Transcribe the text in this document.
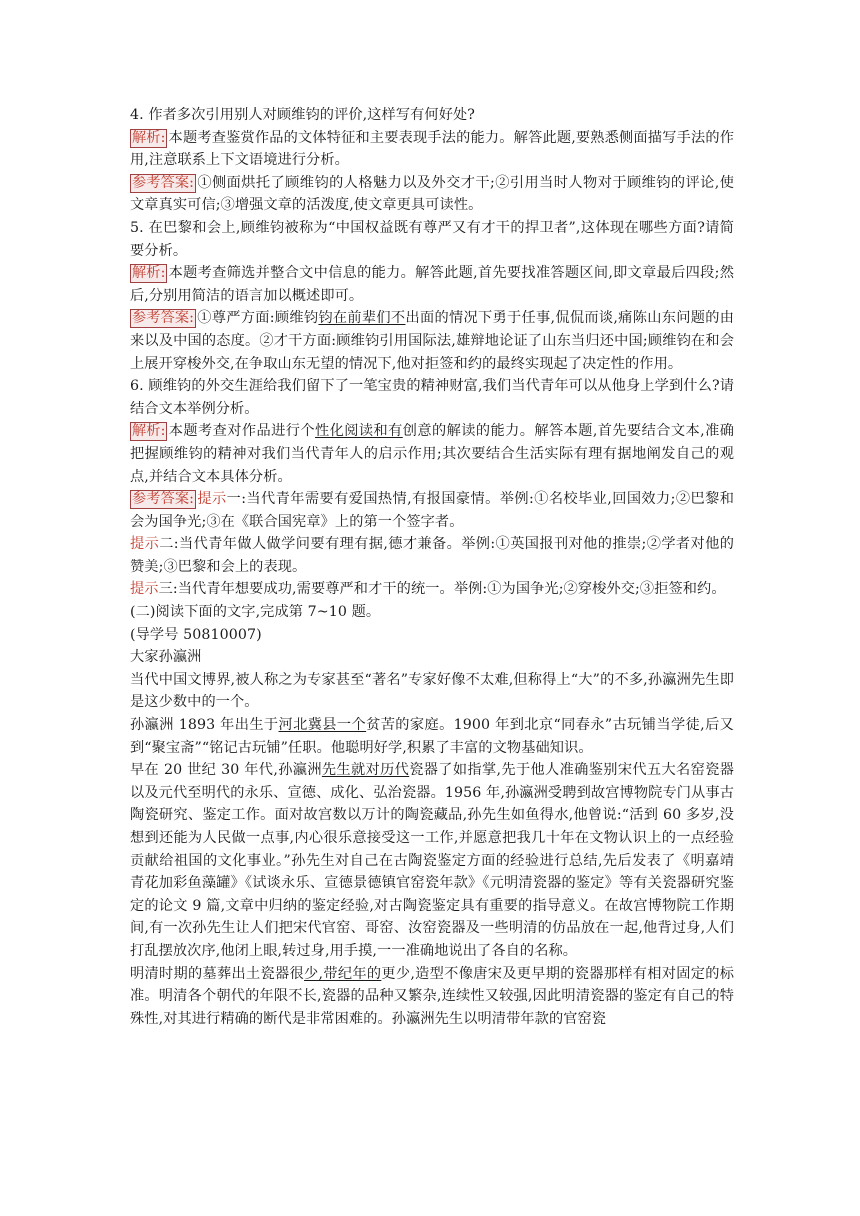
4. 作者多次引用别人对顾维钧的评价,这样写有何好处?

解析: 本题考查鉴赏作品的文体特征和主要表现手法的能力。解答此题,要熟悉侧面描写手法的作用,注意联系上下文语境进行分析。

参考答案: ①侧面烘托了顾维钧的人格魅力以及外交才干;②引用当时人物对于顾维钧的评论,使文章真实可信;③增强文章的活泼度,使文章更具可读性。

5. 在巴黎和会上,顾维钧被称为“中国权益既有尊严又有才干的捍卫者”,这体现在哪些方面?请简要分析。

解析: 本题考查筛选并整合文中信息的能力。解答此题,首先要找准答题区间,即文章最后四段;然后,分别用简洁的语言加以概述即可。

参考答案: ①尊严方面:顾维钧钧在前辈们不出面的情况下勇于任事,侃侃而谈,痛陈山东问题的由来以及中国的态度。②才干方面:顾维钧引用国际法,雄辩地论证了山东当归还中国;顾维钧在和会上展开穿梭外交,在争取山东无望的情况下,他对拒签和约的最终实现起了决定性的作用。

6. 顾维钧的外交生涯给我们留下了一笔宝贵的精神财富,我们当代青年可以从他身上学到什么?请结合文本举例分析。

解析: 本题考查对作品进行个性化阅读和有创意的解读的能力。解答本题,首先要结合文本,准确把握顾维钧的精神对我们当代青年人的启示作用;其次要结合生活实际有理有据地阐发自己的观点,并结合文本具体分析。

参考答案: 提示一:当代青年需要有爱国热情,有报国豪情。举例:①名校毕业,回国效力;②巴黎和会为国争光;③在《联合国宪章》上的第一个签字者。

提示二:当代青年做人做学问要有理有据,德才兼备。举例:①英国报刊对他的推崇;②学者对他的赞美;③巴黎和会上的表现。

提示三:当代青年想要成功,需要尊严和才干的统一。举例:①为国争光;②穿梭外交;③拒签和约。

(二)阅读下面的文字,完成第 7~10 题。

(导学号 50810007)

大家孙瀛洲

当代中国文博界,被人称之为专家甚至“著名”专家好像不太难,但称得上“大”的不多,孙瀛洲先生即是这少数中的一个。

孙瀛洲 1893 年出生于河北冀县一个贫苦的家庭。1900 年到北京“同春永”古玩铺当学徒,后又到“聚宝斋”“铭记古玩铺”任职。他聪明好学,积累了丰富的文物基础知识。

早在 20 世纪 30 年代,孙瀛洲先生就对历代瓷器了如指掌,先于他人准确鉴别宋代五大名窑瓷器以及元代至明代的永乐、宣德、成化、弘治瓷器。1956 年,孙瀛洲受聘到故宫博物院专门从事古陶瓷研究、鉴定工作。面对故宫数以万计的陶瓷藏品,孙先生如鱼得水,他曾说:“活到 60 多岁,没想到还能为人民做一点事,内心很乐意接受这一工作,并愿意把我几十年在文物认识上的一点经验贡献给祖国的文化事业。”孙先生对自己在古陶瓷鉴定方面的经验进行总结,先后发表了《明嘉靖青花加彩鱼藻罐》《试谈永乐、宣德景德镇官窑瓷年款》《元明清瓷器的鉴定》等有关瓷器研究鉴定的论文 9 篇,文章中归纳的鉴定经验,对古陶瓷鉴定具有重要的指导意义。在故宫博物院工作期间,有一次孙先生让人们把宋代官窑、哥窑、汝窑瓷器及一些明清的仿品放在一起,他背过身,人们打乱摆放次序,他闭上眼,转过身,用手摸,一一准确地说出了各自的名称。

明清时期的墓葬出土瓷器很少,带纪年的更少,造型不像唐宋及更早期的瓷器那样有相对固定的标准。明清各个朝代的年限不长,瓷器的品种又繁杂,连续性又较强,因此明清瓷器的鉴定有自己的特殊性,对其进行精确的断代是非常困难的。孙瀛洲先生以明清带年款的官窑瓷
